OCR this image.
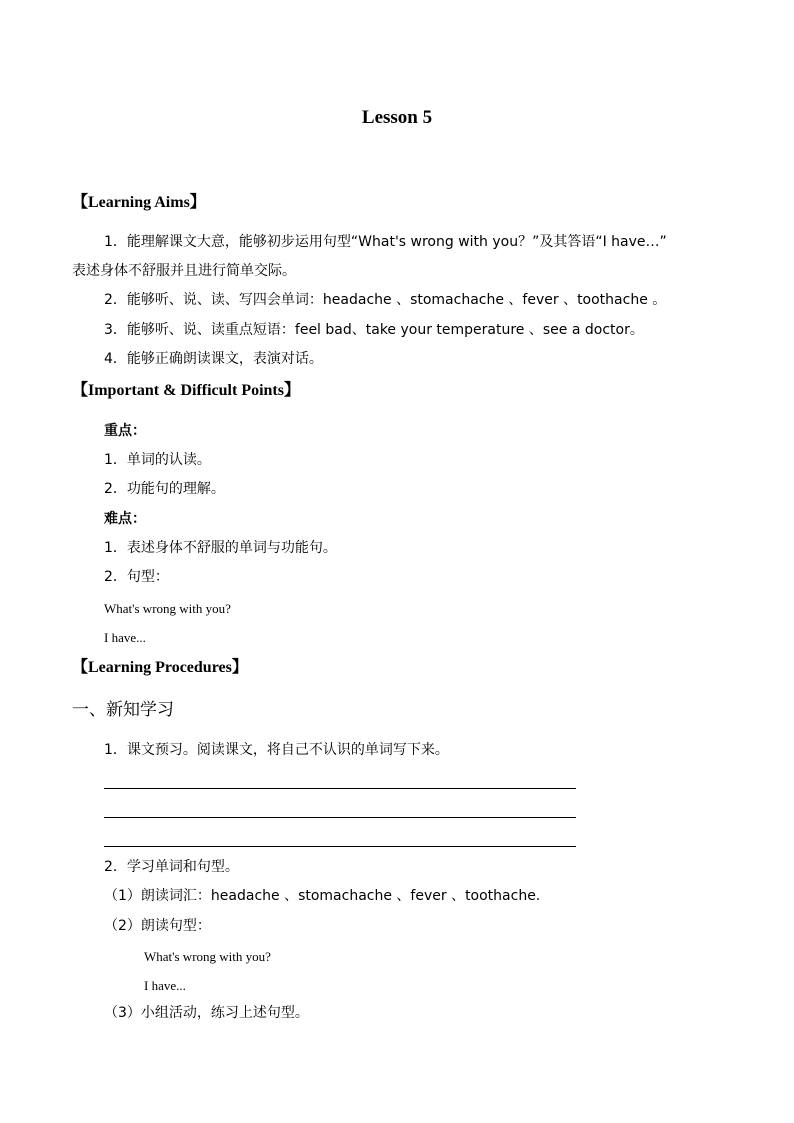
Lesson 5
【Learning Aims】
1．能理解课文大意，能够初步运用句型“What's wrong with you？”及其答语“I have…”
表述身体不舒服并且进行简单交际。
2．能够听、说、读、写四会单词：headache 、stomachache 、fever 、toothache 。
3．能够听、说、读重点短语：feel bad、take your temperature 、see a doctor。
4．能够正确朗读课文，表演对话。
【Important & Difficult Points】
重点：
1．单词的认读。
2．功能句的理解。
难点：
1．表述身体不舒服的单词与功能句。
2．句型：
What's wrong with you?
I have...
【Learning Procedures】
一、新知学习
1．课文预习。阅读课文，将自己不认识的单词写下来。
2．学习单词和句型。
（1）朗读词汇：headache 、stomachache 、fever 、toothache.
（2）朗读句型：
What's wrong with you?
I have...
（3）小组活动，练习上述句型。
